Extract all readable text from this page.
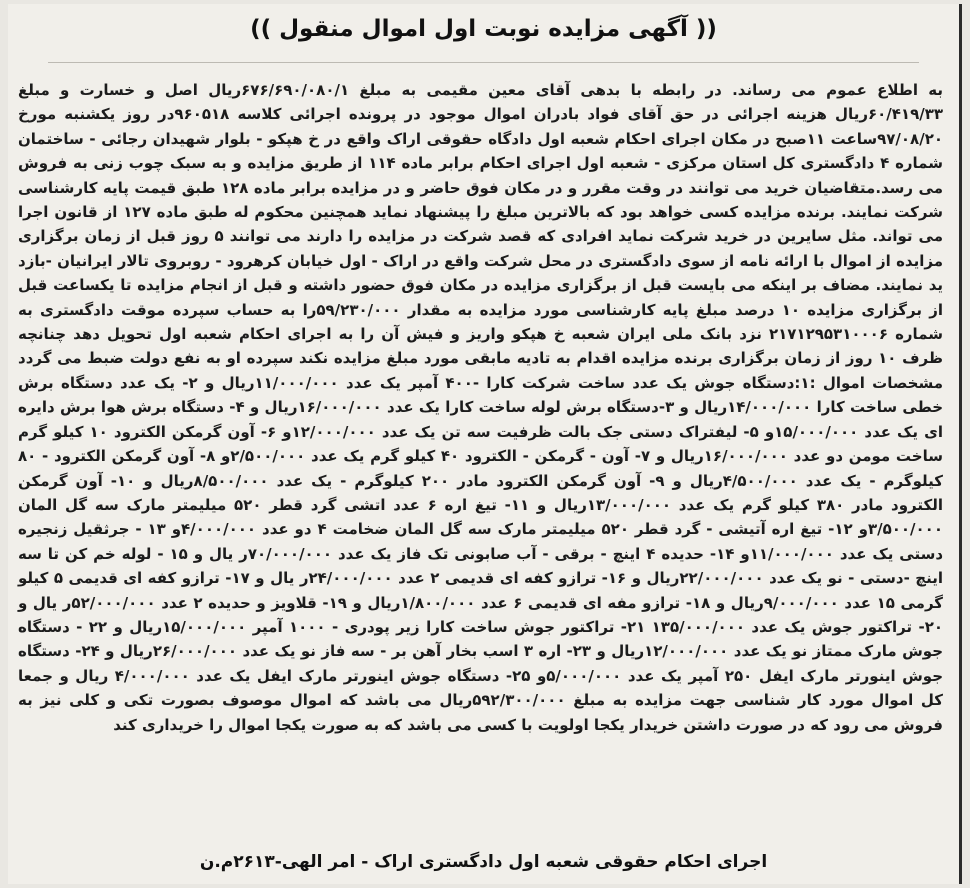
(( آگهی مزایده نوبت اول اموال منقول ))
به اطلاع عموم می رساند. در رابطه با بدهی آقای معین مقیمی به مبلغ ۶۷۶/۶۹۰/۰۸۰/۱ریال اصل و خسارت و مبلغ ۶۰/۴۱۹/۳۳ریال هزینه اجرائی در حق آقای فواد بادران اموال موجود در پرونده اجرائی کلاسه ۹۶۰۵۱۸در روز یکشنبه مورخ ۹۷/۰۸/۲۰ساعت ۱۱صبح در مکان اجرای احکام شعبه اول دادگاه حقوقی اراک واقع در خ هپکو - بلوار شهیدان رجائی - ساختمان شماره ۴ دادگستری کل استان مرکزی - شعبه اول اجرای احکام برابر ماده ۱۱۴ از طریق مزایده و به سبک چوب زنی به فروش می رسد.متقاضیان خرید می توانند در وقت مقرر و در مکان فوق حاضر و در مزایده برابر ماده ۱۲۸ طبق قیمت پایه کارشناسی شرکت نمایند. برنده مزایده کسی خواهد بود که بالاترین مبلغ را پیشنهاد نماید همچنین محکوم له طبق ماده ۱۲۷ از قانون اجرا می تواند. مثل سایرین در خرید شرکت نماید افرادی که قصد شرکت در مزایده را دارند می توانند ۵ روز قبل از زمان برگزاری مزایده از اموال با ارائه نامه از سوی دادگستری در محل شرکت واقع در اراک - اول خیابان کرهرود - روبروی تالار ایرانیان -بازد ید نمایند. مضاف بر اینکه می بایست قبل از برگزاری مزایده در مکان فوق حضور داشته و قبل از انجام مزایده تا یکساعت قبل از برگزاری مزایده ۱۰ درصد مبلغ پایه کارشناسی مورد مزایده به مقدار ۵۹/۲۳۰/۰۰۰را به حساب سپرده موقت دادگستری به شماره ۲۱۷۱۲۹۵۳۱۰۰۰۶ نزد بانک ملی ایران شعبه خ هپکو واریز و فیش آن را به اجرای احکام شعبه اول تحویل دهد چنانچه ظرف ۱۰ روز از زمان برگزاری برنده مزایده اقدام به تادیه مابقی مورد مبلغ مزایده نکند سپرده او به نفع دولت ضبط می گردد مشخصات اموال :۱:دستگاه جوش یک عدد ساخت شرکت کارا -۴۰۰ آمپر یک عدد ۱۱/۰۰۰/۰۰۰ریال و ۲- یک عدد دستگاه برش خطی ساخت کارا ۱۴/۰۰۰/۰۰۰ریال و ۳-دستگاه برش لوله ساخت کارا یک عدد ۱۶/۰۰۰/۰۰۰ریال و ۴- دستگاه برش هوا برش دایره ای یک عدد ۱۵/۰۰۰/۰۰۰و ۵- لیفتراک دستی جک بالت ظرفیت سه تن یک عدد ۱۲/۰۰۰/۰۰۰و ۶- آون گرمکن الکترود ۱۰ کیلو گرم ساخت مومن دو عدد ۱۶/۰۰۰/۰۰۰ریال و ۷- آون - گرمکن - الکترود ۴۰ کیلو گرم یک عدد ۲/۵۰۰/۰۰۰و ۸- آون گرمکن الکترود - ۸۰ کیلوگرم - یک عدد ۴/۵۰۰/۰۰۰ریال و ۹- آون گرمکن الکترود مادر ۲۰۰ کیلوگرم - یک عدد ۸/۵۰۰/۰۰۰ریال و ۱۰- آون گرمکن الکترود مادر ۳۸۰ کیلو گرم یک عدد ۱۳/۰۰۰/۰۰۰ریال و ۱۱- تیغ اره ۶ عدد اتشی گرد قطر ۵۲۰ میلیمتر مارک سه گل المان ۳/۵۰۰/۰۰۰و ۱۲- تیغ اره آتیشی - گرد قطر ۵۲۰ میلیمتر مارک سه گل المان ضخامت ۴ دو عدد ۴/۰۰۰/۰۰۰و ۱۳ - جرثقیل زنجیره دستی یک عدد ۱۱/۰۰۰/۰۰۰و ۱۴- حدیده ۴ اینچ - برقی - آب صابونی تک فاز یک عدد ۷۰/۰۰۰/۰۰۰ر یال و ۱۵ - لوله خم کن تا سه اینچ -دستی - نو یک عدد ۲۲/۰۰۰/۰۰۰ریال و ۱۶- ترازو کفه ای قدیمی ۲ عدد ۲۴/۰۰۰/۰۰۰ر یال و ۱۷- ترازو کفه ای قدیمی ۵ کیلو گرمی ۱۵ عدد ۹/۰۰۰/۰۰۰ریال و ۱۸- ترازو مفه ای قدیمی ۶ عدد ۱/۸۰۰/۰۰۰ریال و ۱۹- قلاویز و حدیده ۲ عدد ۵۲/۰۰۰/۰۰۰ر یال و ۲۰- تراکتور جوش یک عدد ۱۳۵/۰۰۰/۰۰۰ ۲۱- تراکتور جوش ساخت کارا زیر پودری - ۱۰۰۰ آمپر ۱۵/۰۰۰/۰۰۰ریال و ۲۲ - دستگاه جوش مارک ممتاز نو یک عدد ۱۲/۰۰۰/۰۰۰ریال و ۲۳- اره ۳ اسب بخار آهن بر - سه فاز نو یک عدد ۲۶/۰۰۰/۰۰۰ریال و ۲۴- دستگاه جوش اینورتر مارک ایفل ۲۵۰ آمپر یک عدد ۵/۰۰۰/۰۰۰و ۲۵- دستگاه جوش اینورتر مارک ایفل یک عدد ۴/۰۰۰/۰۰۰ ریال و جمعا کل اموال مورد کار شناسی جهت مزایده به مبلغ ۵۹۲/۳۰۰/۰۰۰ریال می باشد که اموال موصوف بصورت تکی و کلی نیز به فروش می رود که در صورت داشتن خریدار یکجا اولویت با کسی می باشد که به صورت یکجا اموال را خریداری کند
اجرای احکام حقوقی شعبه اول دادگستری اراک - امر الهی-۲۶۱۳م.ن
